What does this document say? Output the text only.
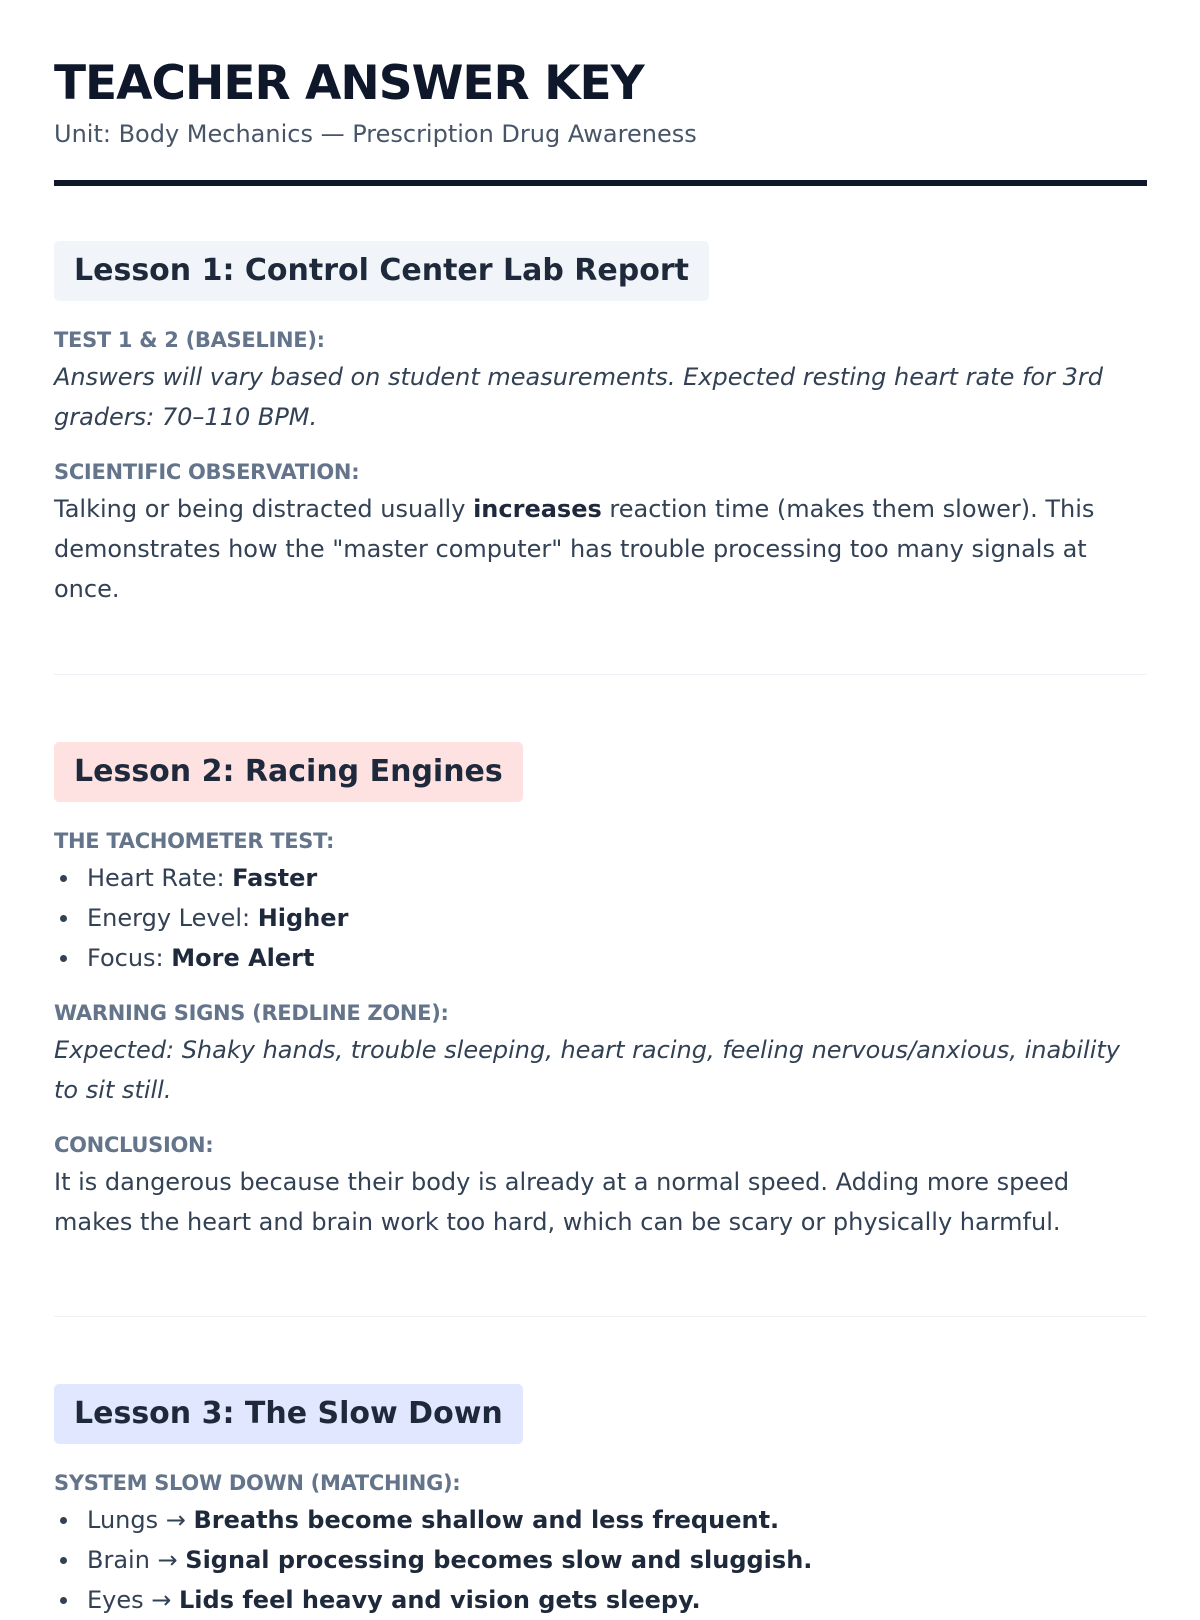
TEACHER ANSWER KEY
Unit: Body Mechanics — Prescription Drug Awareness
Lesson 1: Control Center Lab Report
TEST 1 & 2 (BASELINE):

Answers will vary based on student measurements. Expected resting heart rate for 3rd graders: 70–110 BPM.

SCIENTIFIC OBSERVATION:

Talking or being distracted usually increases reaction time (makes them slower). This demonstrates how the "master computer" has trouble processing too many signals at once.

Lesson 2: Racing Engines
THE TACHOMETER TEST:
Heart Rate: Faster
Energy Level: Higher
Focus: More Alert
WARNING SIGNS (REDLINE ZONE):

Expected: Shaky hands, trouble sleeping, heart racing, feeling nervous/anxious, inability to sit still.

CONCLUSION:

It is dangerous because their body is already at a normal speed. Adding more speed makes the heart and brain work too hard, which can be scary or physically harmful.

Lesson 3: The Slow Down
SYSTEM SLOW DOWN (MATCHING):
Lungs → Breaths become shallow and less frequent.
Brain → Signal processing becomes slow and sluggish.
Eyes → Lids feel heavy and vision gets sleepy.
